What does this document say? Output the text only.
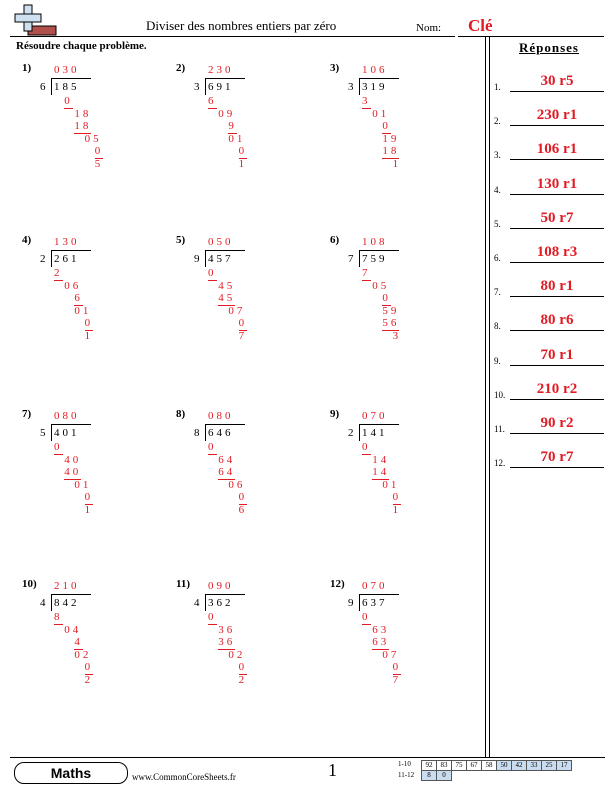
Diviser des nombres entiers par zéro	Nom: Clé
Résoudre chaque problème.	Réponses
1.	30 r5
2.	230 r1
3.	106 r1
4.	130 r1
5.	50 r7
6.	108 r3
7.	80 r1
8.	80 r6
9.	70 r1
10.	210 r2
11.	90 r2
12.	70 r7
1) 030
6 185
0
18
18
05
0
5
2) 230
3 691
6
09
9
01
0
1
3) 106
3 319
3
01
0
19
18
1
4) 130
2 261
2
06
6
01
0
1
5) 050
9 457
0
45
45
07
0
7
6) 108
7 759
7
05
0
59
56
3
7) 080
5 401
0
40
40
01
0
1
8) 080
8 646
0
64
64
06
0
6
9) 070
2 141
0
14
14
01
0
1
10) 210
4 842
8
04
4
02
0
2
11) 090
4 362
0
36
36
02
0
2
12) 070
9 637
0
63
63
07
0
7
Maths	www.CommonCoreSheets.fr	1	1-10
11-12
92	83	75	67	58	50	42	33	25	17
8	0								
